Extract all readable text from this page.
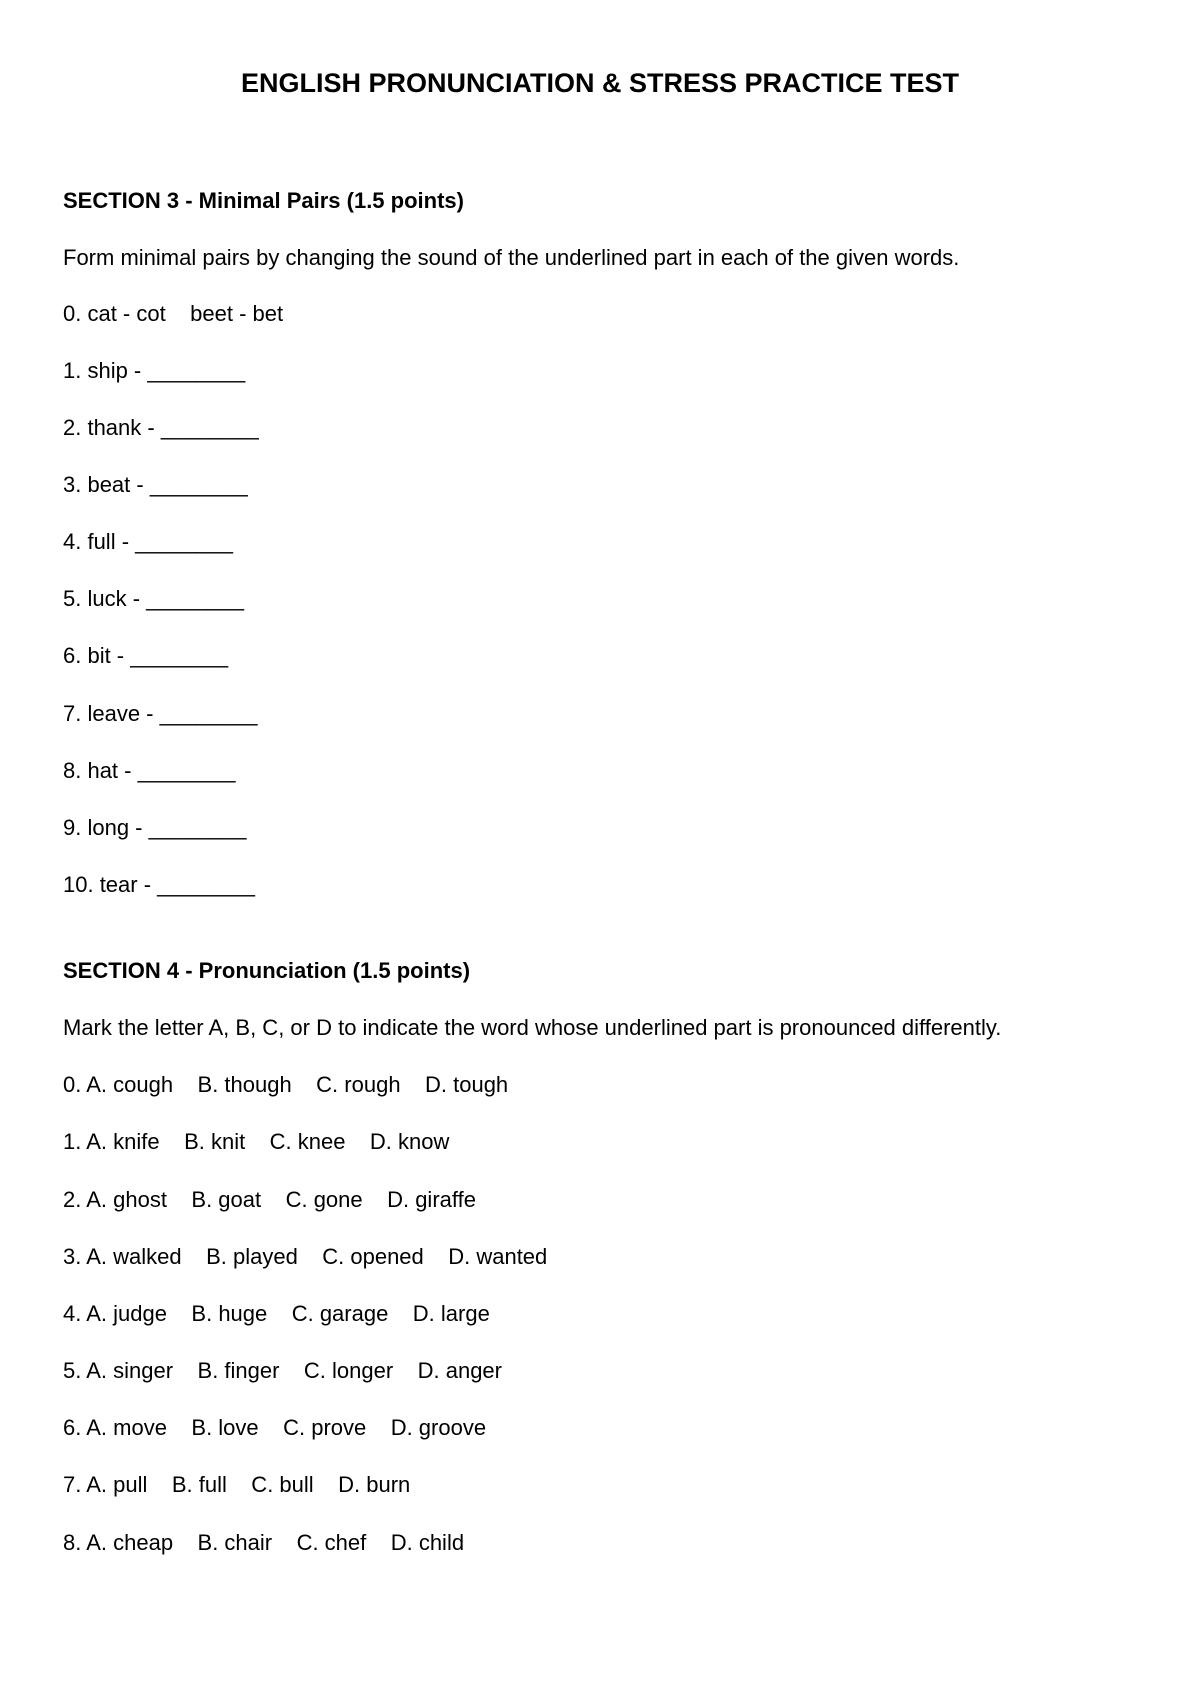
ENGLISH PRONUNCIATION & STRESS PRACTICE TEST
SECTION 3 - Minimal Pairs (1.5 points)
Form minimal pairs by changing the sound of the underlined part in each of the given words.
0. cat - cot    beet - bet
1. ship - ________
2. thank - ________
3. beat - ________
4. full - ________
5. luck - ________
6. bit - ________
7. leave - ________
8. hat - ________
9. long - ________
10. tear - ________
SECTION 4 - Pronunciation (1.5 points)
Mark the letter A, B, C, or D to indicate the word whose underlined part is pronounced differently.
0. A. cough    B. though    C. rough    D. tough
1. A. knife    B. knit    C. knee    D. know
2. A. ghost    B. goat    C. gone    D. giraffe
3. A. walked    B. played    C. opened    D. wanted
4. A. judge    B. huge    C. garage    D. large
5. A. singer    B. finger    C. longer    D. anger
6. A. move    B. love    C. prove    D. groove
7. A. pull    B. full    C. bull    D. burn
8. A. cheap    B. chair    C. chef    D. child
